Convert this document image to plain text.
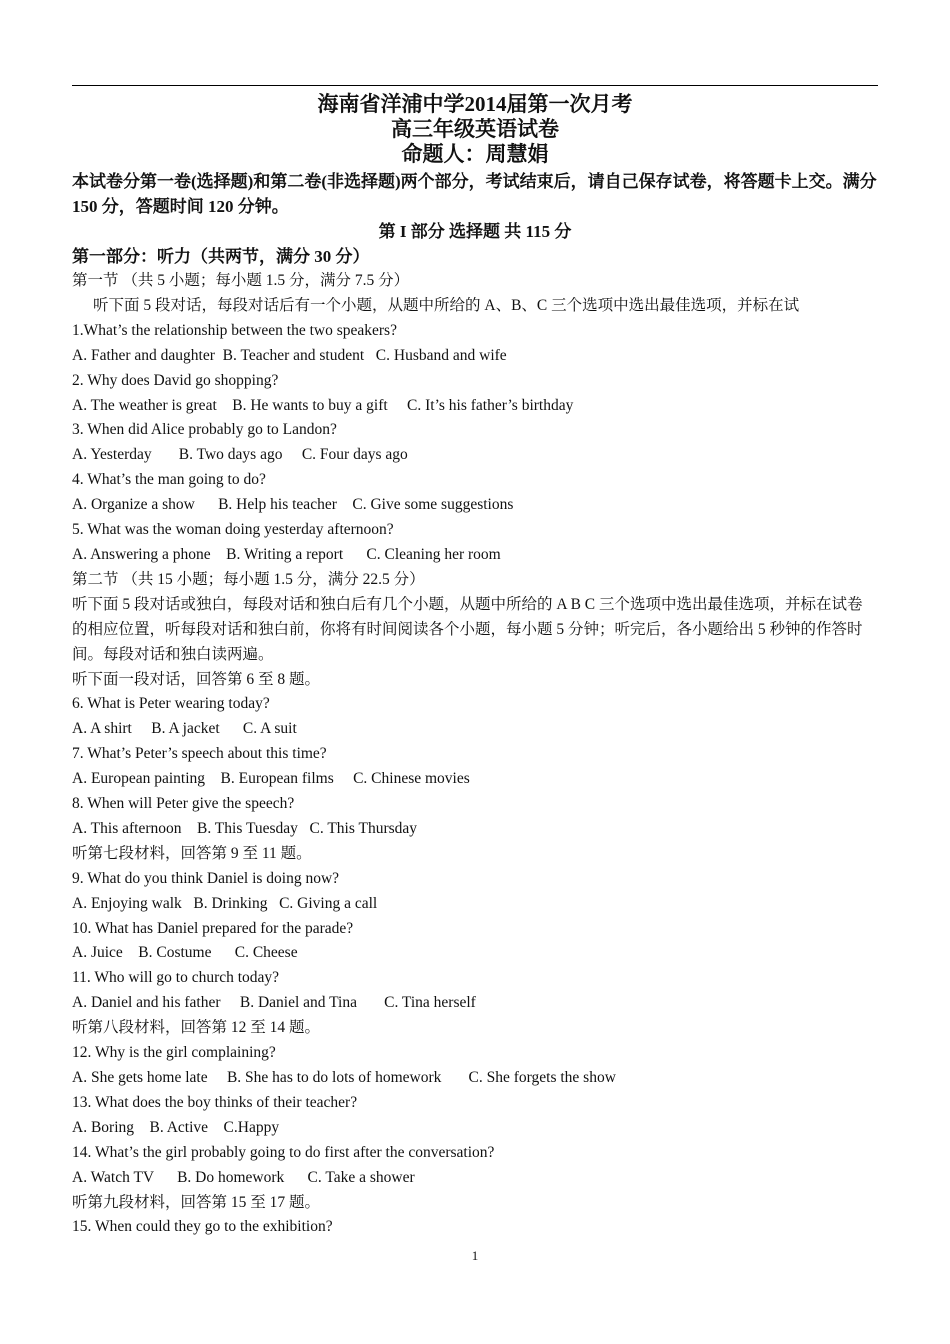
海南省洋浦中学2014届第一次月考

高三年级英语试卷

命题人：周慧娟

本试卷分第一卷(选择题)和第二卷(非选择题)两个部分，考试结束后，请自己保存试卷，将答题卡上交。满分 150 分，答题时间 120 分钟。

第 I 部分 选择题 共 115 分

第一部分：听力（共两节，满分 30 分）

第一节 （共 5 小题；每小题 1.5 分，满分 7.5 分）

听下面 5 段对话，每段对话后有一个小题，从题中所给的 A、B、C 三个选项中选出最佳选项，并标在试

1.What’s the relationship between the two speakers?

A. Father and daughter  B. Teacher and student   C. Husband and wife

2. Why does David go shopping?

A. The weather is great    B. He wants to buy a gift     C. It’s his father’s birthday

3. When did Alice probably go to Landon?

A. Yesterday       B. Two days ago     C. Four days ago

4. What’s the man going to do?

A. Organize a show      B. Help his teacher    C. Give some suggestions

5. What was the woman doing yesterday afternoon?

A. Answering a phone    B. Writing a report      C. Cleaning her room

第二节 （共 15 小题；每小题 1.5 分，满分 22.5 分）

听下面 5 段对话或独白，每段对话和独白后有几个小题，从题中所给的 A B C 三个选项中选出最佳选项，并标在试卷的相应位置，听每段对话和独白前，你将有时间阅读各个小题，每小题 5 分钟；听完后，各小题给出 5 秒钟的作答时间。每段对话和独白读两遍。

听下面一段对话，回答第 6 至 8 题。

6. What is Peter wearing today?

A. A shirt     B. A jacket      C. A suit

7. What’s Peter’s speech about this time?

A. European painting    B. European films     C. Chinese movies

8. When will Peter give the speech?

A. This afternoon    B. This Tuesday   C. This Thursday

听第七段材料，回答第 9 至 11 题。

9. What do you think Daniel is doing now?

A. Enjoying walk   B. Drinking   C. Giving a call

10. What has Daniel prepared for the parade?

A. Juice    B. Costume      C. Cheese

11. Who will go to church today?

A. Daniel and his father     B. Daniel and Tina       C. Tina herself

听第八段材料，回答第 12 至 14 题。

12. Why is the girl complaining?

A. She gets home late     B. She has to do lots of homework       C. She forgets the show

13. What does the boy thinks of their teacher?

A. Boring    B. Active    C.Happy

14. What’s the girl probably going to do first after the conversation?

A. Watch TV      B. Do homework      C. Take a shower

听第九段材料，回答第 15 至 17 题。

15. When could they go to the exhibition?

1
